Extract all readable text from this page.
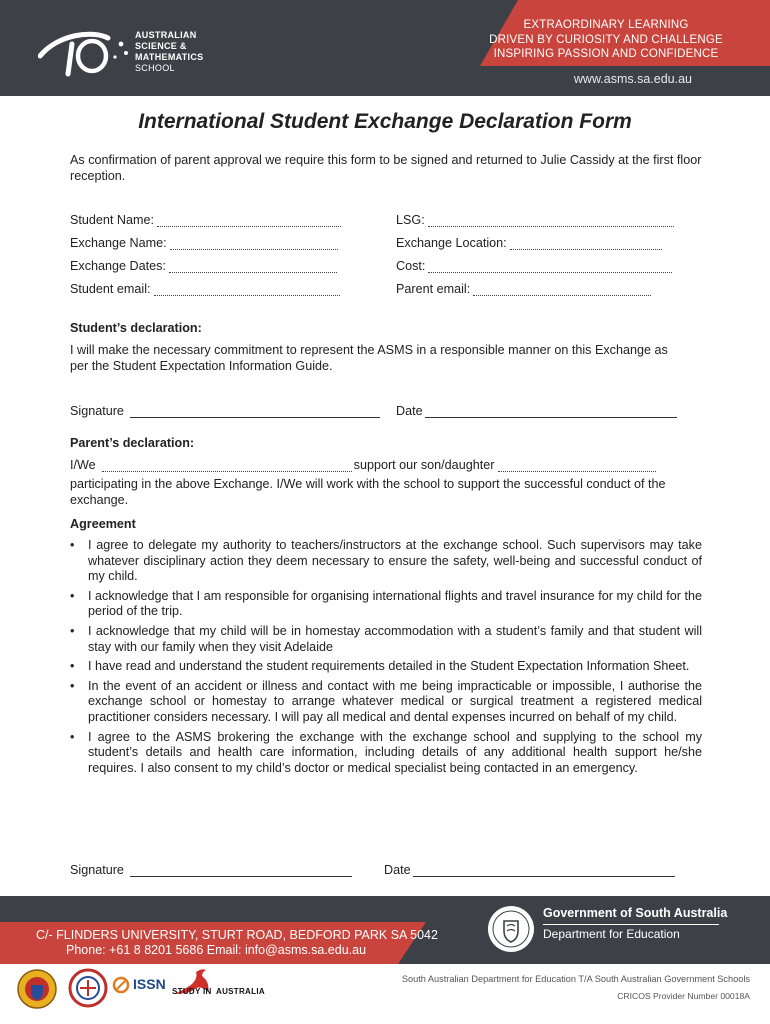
AUSTRALIAN
SCIENCE &
MATHEMATICS
SCHOOL
EXTRAORDINARY LEARNING
DRIVEN BY CURIOSITY AND CHALLENGE
INSPIRING PASSION AND CONFIDENCE
www.asms.sa.edu.au
International Student Exchange Declaration Form
As confirmation of parent approval we require this form to be signed and returned to Julie Cassidy at the first floor reception.
Student Name:	LSG:
Exchange Name:	Exchange Location:
Exchange Dates:	Cost:
Student email:	Parent email:
Student’s declaration:
I will make the necessary commitment to represent the ASMS in a responsible manner on this Exchange as per the Student Expectation Information Guide.
Signature	Date
Parent’s declaration:
I/We	support our son/daughter
participating in the above Exchange. I/We will work with the school to support the successful conduct of the exchange.
Agreement
• I agree to delegate my authority to teachers/instructors at the exchange school. Such supervisors may take whatever disciplinary action they deem necessary to ensure the safety, well-being and successful conduct of my child.
• I acknowledge that I am responsible for organising international flights and travel insurance for my child for the period of the trip.
• I acknowledge that my child will be in homestay accommodation with a student’s family and that student will stay with our family when they visit Adelaide
• I have read and understand the student requirements detailed in the Student Expectation Information Sheet.
• In the event of an accident or illness and contact with me being impracticable or impossible, I authorise the exchange school or homestay to arrange whatever medical or surgical treatment a registered medical practitioner considers necessary. I will pay all medical and dental expenses incurred on behalf of my child.
• I agree to the ASMS brokering the exchange with the exchange school and supplying to the school my student’s details and health care information, including details of any additional health support he/she requires. I also consent to my child’s doctor or medical specialist being contacted in an emergency.
Signature	Date
C/- FLINDERS UNIVERSITY, STURT ROAD, BEDFORD PARK SA 5042
Phone: +61 8 8201 5686 Email: info@asms.sa.edu.au
Government of South Australia
Department for Education
ISSN STUDY IN AUSTRALIA
South Australian Department for Education T/A South Australian Government Schools
CRICOS Provider Number 00018A
